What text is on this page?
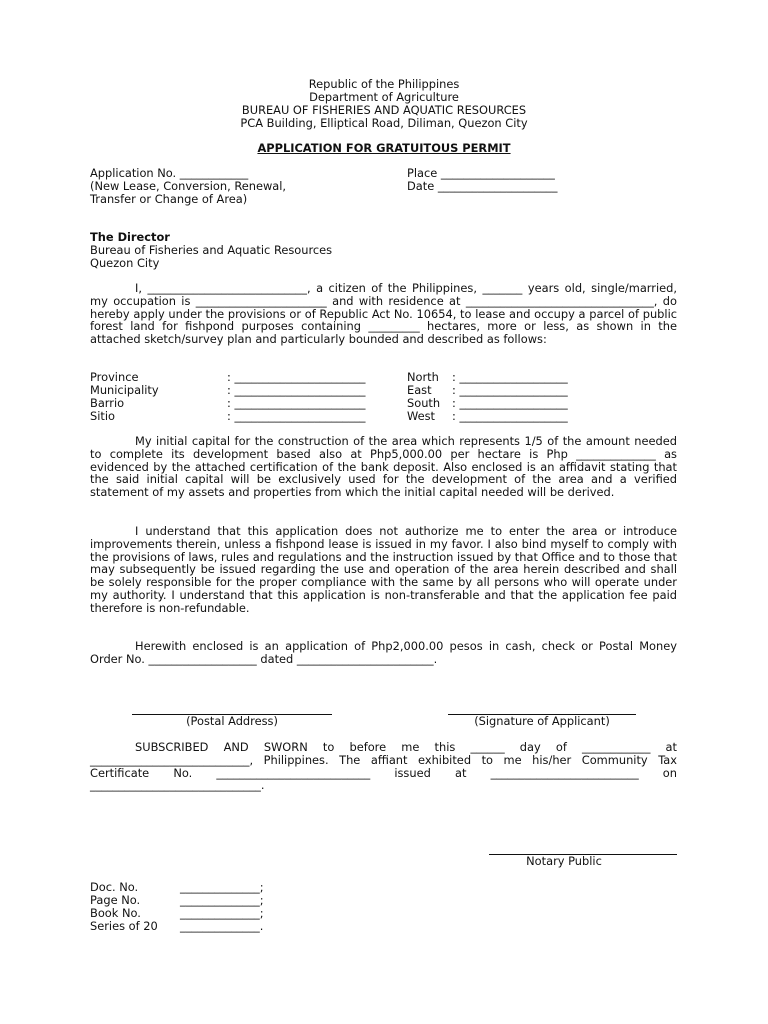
Republic of the Philippines
Department of Agriculture
BUREAU OF FISHERIES AND AQUATIC RESOURCES
PCA Building, Elliptical Road, Diliman, Quezon City
APPLICATION FOR GRATUITOUS PERMIT
Application No. ____________
(New Lease, Conversion, Renewal,
Transfer or Change of Area)
Place ____________________
Date _____________________
The Director
Bureau of Fisheries and Aquatic Resources
Quezon City

I, ____________________________, a citizen of the Philippines, _______ years old, single/married, my occupation is _______________________ and with residence at _________________________________, do hereby apply under the provisions or of Republic Act No. 10654, to lease and occupy a parcel of public forest land for fishpond purposes containing _________ hectares, more or less, as shown in the attached sketch/survey plan and particularly bounded and described as follows:

Province
Municipality
Barrio
Sitio
: _______________________
: _______________________
: _______________________
: _______________________
North
East
South
West
: ___________________
: ___________________
: ___________________
: ___________________

My initial capital for the construction of the area which represents 1/5 of the amount needed to complete its development based also at Php5,000.00 per hectare is Php ______________ as evidenced by the attached certification of the bank deposit. Also enclosed is an affidavit stating that the said initial capital will be exclusively used for the development of the area and a verified statement of my assets and properties from which the initial capital needed will be derived.

I understand that this application does not authorize me to enter the area or introduce improvements therein, unless a fishpond lease is issued in my favor. I also bind myself to comply with the provisions of laws, rules and regulations and the instruction issued by that Office and to those that may subsequently be issued regarding the use and operation of the area herein described and shall be solely responsible for the proper compliance with the same by all persons who will operate under my authority. I understand that this application is non-transferable and that the application fee paid therefore is non-refundable.

Herewith enclosed is an application of Php2,000.00 pesos in cash, check or Postal Money Order No. ___________________ dated ________________________.

(Postal Address)	(Signature of Applicant)

SUBSCRIBED AND SWORN to before me this ______ day of ____________ at ____________________________, Philippines. The affiant exhibited to me his/her Community Tax Certificate No. ___________________________ issued at __________________________ on ______________________________.

Notary Public
Doc. No.
Page No.
Book No.
Series of 20
______________;
______________;
______________;
______________.
